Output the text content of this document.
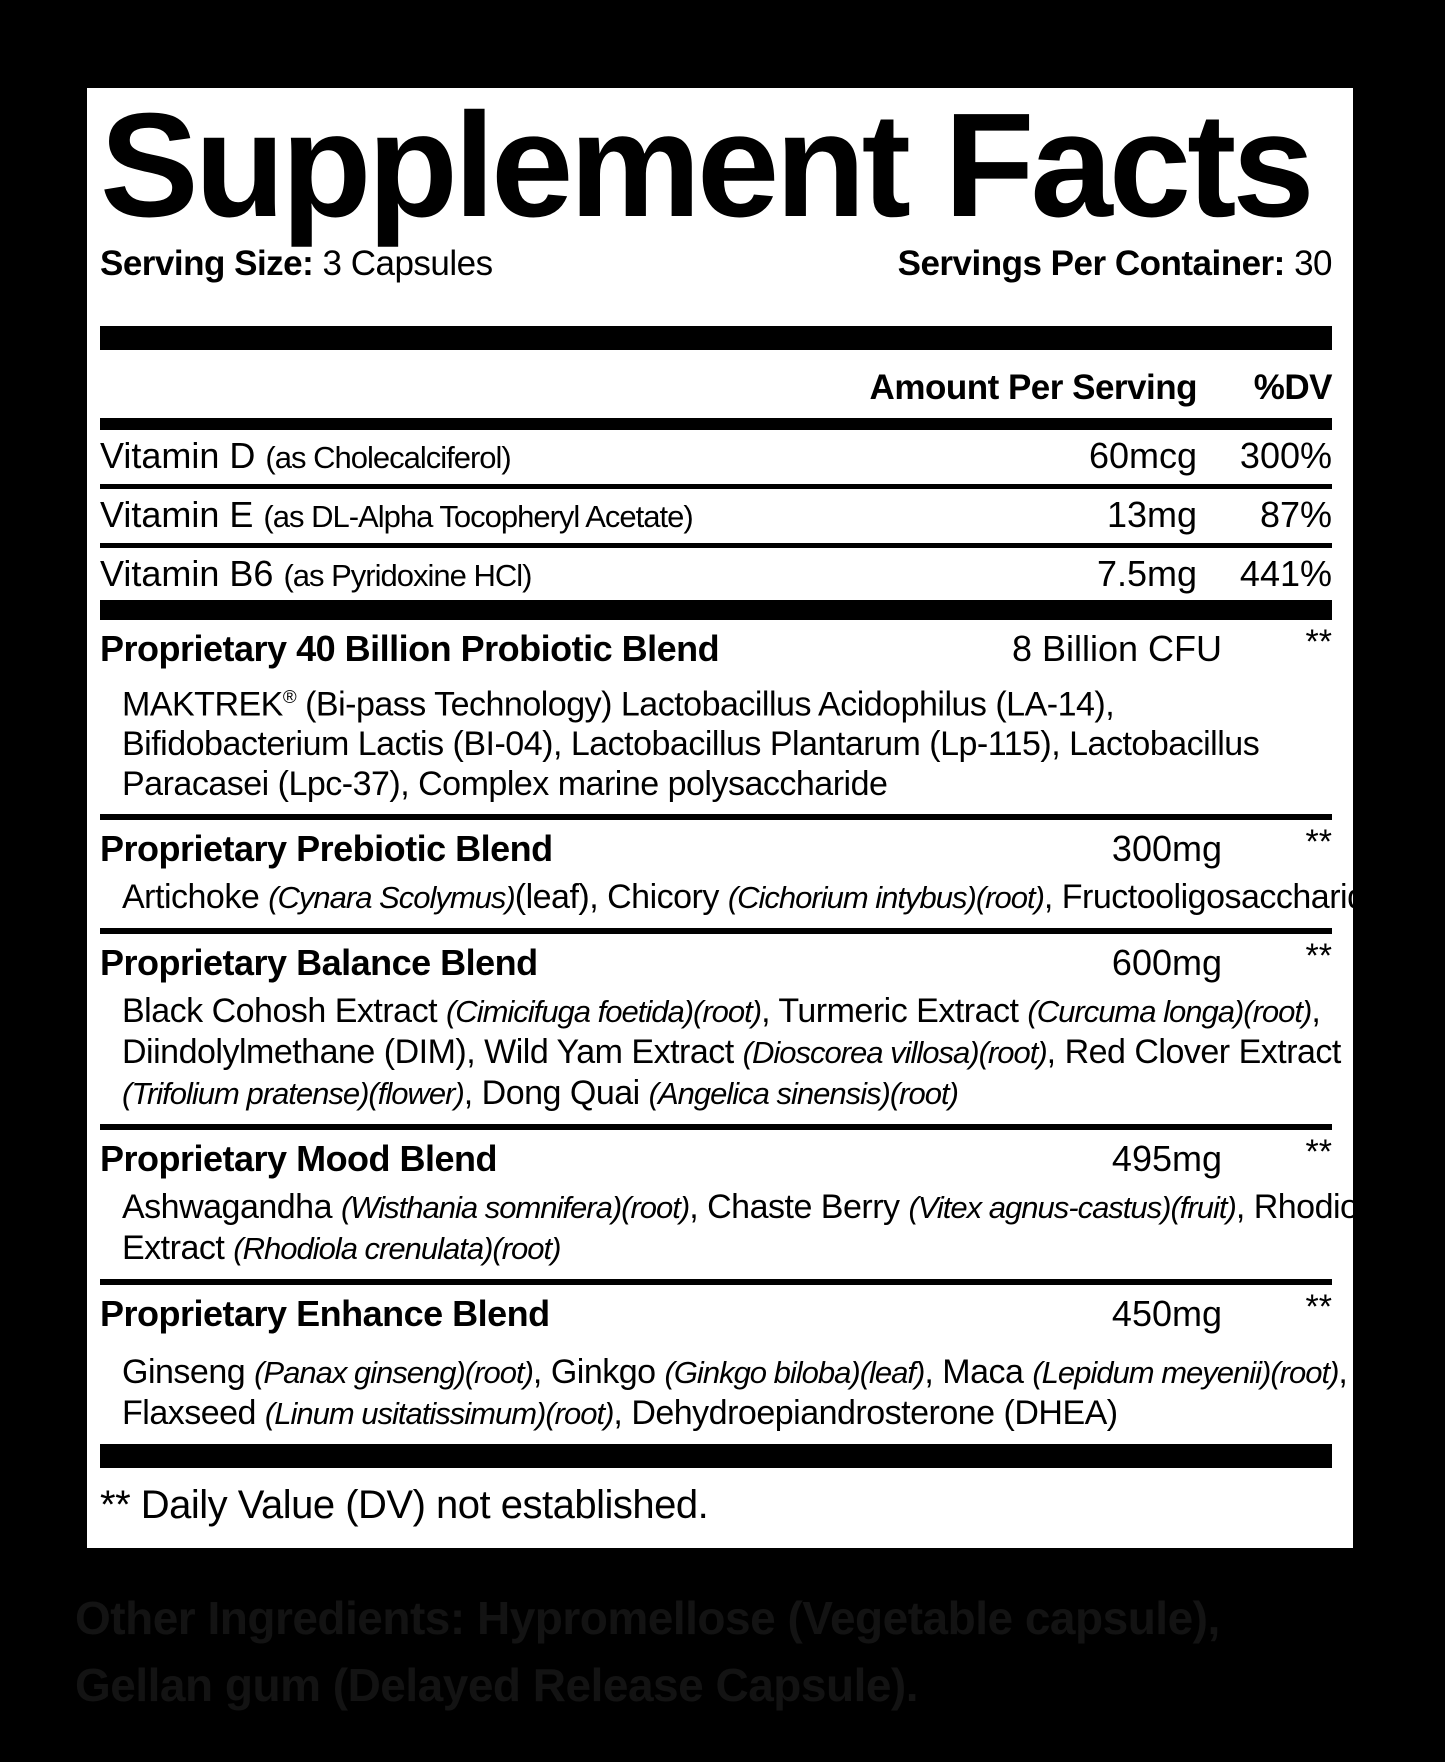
Supplement Facts
Serving Size: 3 Capsules	Servings Per Container: 30
Amount Per Serving	%DV
Vitamin D (as Cholecalciferol)	60mcg	300%
Vitamin E (as DL-Alpha Tocopheryl Acetate)	13mg	87%
Vitamin B6 (as Pyridoxine HCl)	7.5mg	441%
Proprietary 40 Billion Probiotic Blend	8 Billion CFU	**
MAKTREK® (Bi-pass Technology) Lactobacillus Acidophilus (LA-14),
Bifidobacterium Lactis (BI-04), Lactobacillus Plantarum (Lp-115), Lactobacillus
Paracasei (Lpc-37), Complex marine polysaccharide
Proprietary Prebiotic Blend	300mg	**
Artichoke (Cynara Scolymus)(leaf), Chicory (Cichorium intybus)(root), Fructooligosaccharides
Proprietary Balance Blend	600mg	**
Black Cohosh Extract (Cimicifuga foetida)(root), Turmeric Extract (Curcuma longa)(root),
Diindolylmethane (DIM), Wild Yam Extract (Dioscorea villosa)(root), Red Clover Extract
(Trifolium pratense)(flower), Dong Quai (Angelica sinensis)(root)
Proprietary Mood Blend	495mg	**
Ashwagandha (Wisthania somnifera)(root), Chaste Berry (Vitex agnus-castus)(fruit), Rhodiola
Extract (Rhodiola crenulata)(root)
Proprietary Enhance Blend	450mg	**
Ginseng (Panax ginseng)(root), Ginkgo (Ginkgo biloba)(leaf), Maca (Lepidum meyenii)(root),
Flaxseed (Linum usitatissimum)(root), Dehydroepiandrosterone (DHEA)

** Daily Value (DV) not established.

Other Ingredients: Hypromellose (Vegetable capsule),
Gellan gum (Delayed Release Capsule).
